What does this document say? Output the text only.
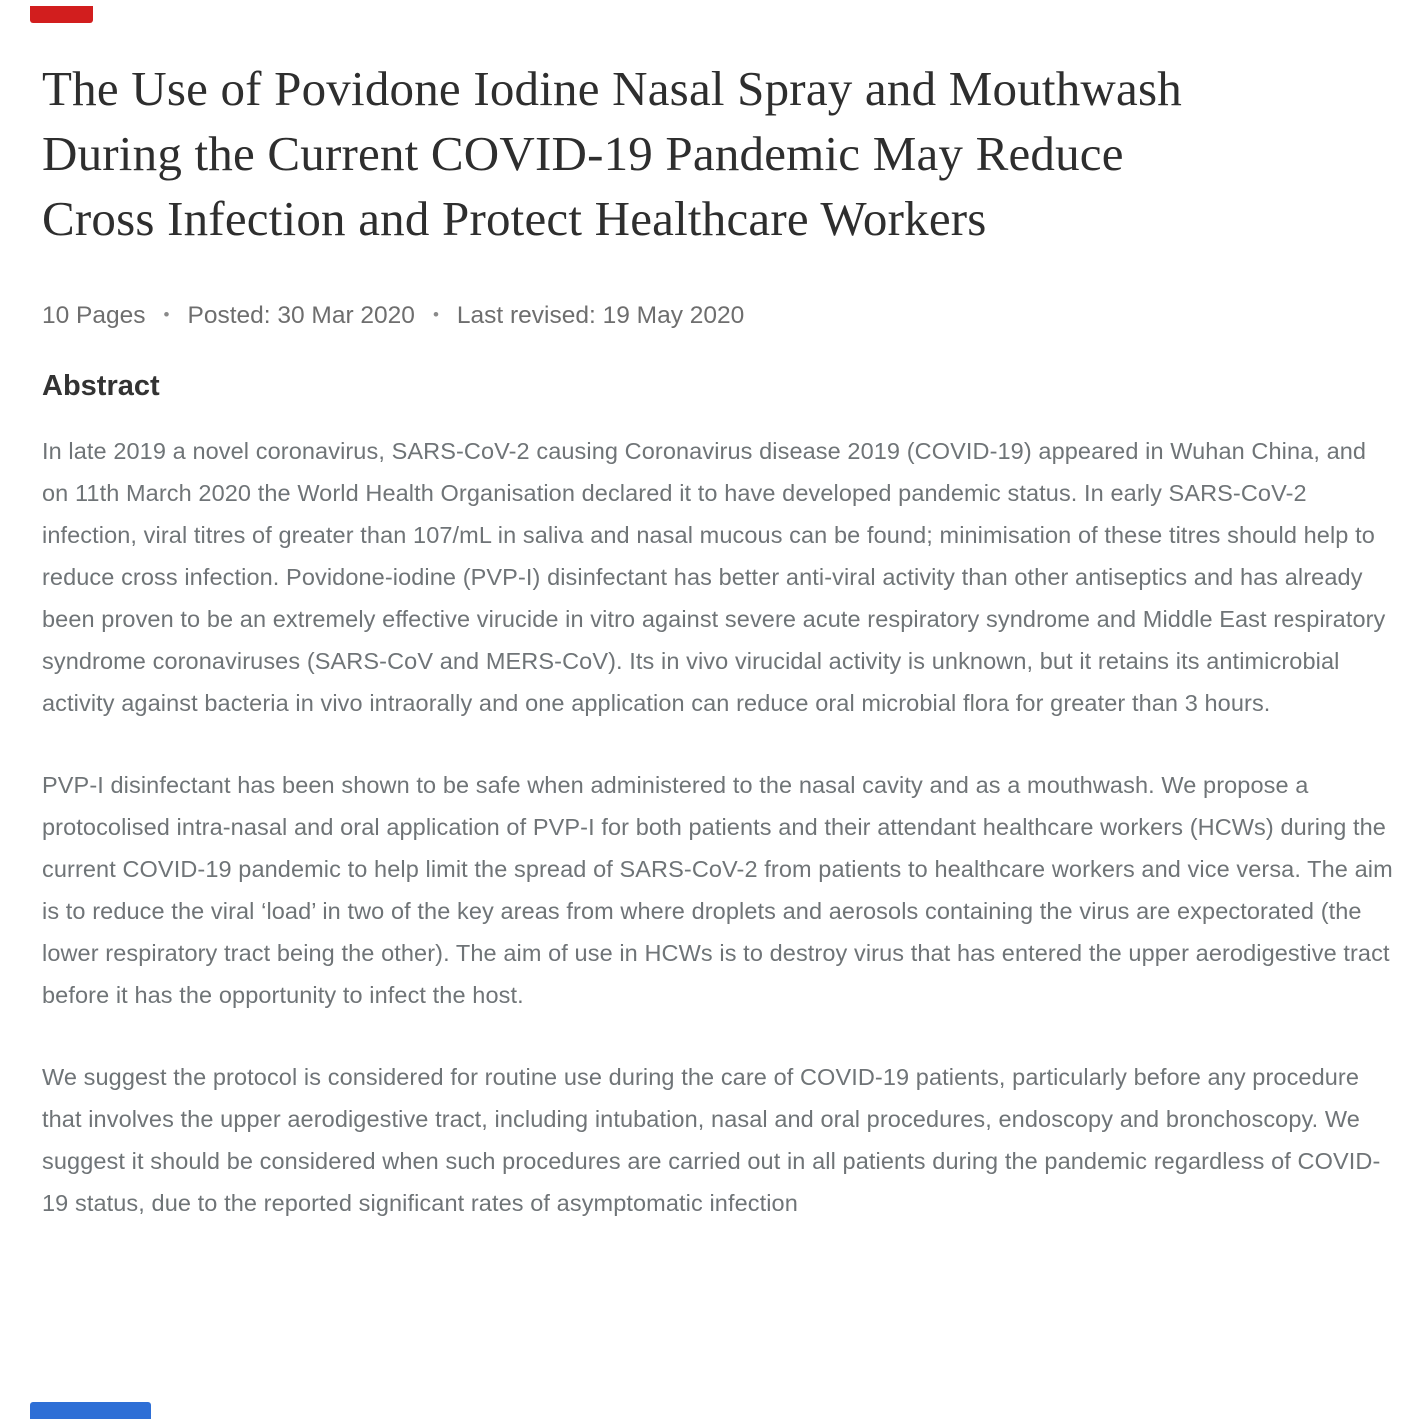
The Use of Povidone Iodine Nasal Spray and Mouthwash
During the Current COVID-19 Pandemic May Reduce
Cross Infection and Protect Healthcare Workers
10 Pages • Posted: 30 Mar 2020 • Last revised: 19 May 2020
Abstract

In late 2019 a novel coronavirus, SARS-CoV-2 causing Coronavirus disease 2019 (COVID-19) appeared in Wuhan China, and on 11th March 2020 the World Health Organisation declared it to have developed pandemic status. In early SARS-CoV-2 infection, viral titres of greater than 107/mL in saliva and nasal mucous can be found; minimisation of these titres should help to reduce cross infection. Povidone-iodine (PVP-I) disinfectant has better anti-viral activity than other antiseptics and has already been proven to be an extremely effective virucide in vitro against severe acute respiratory syndrome and Middle East respiratory syndrome coronaviruses (SARS-CoV and MERS-CoV). Its in vivo virucidal activity is unknown, but it retains its antimicrobial activity against bacteria in vivo intraorally and one application can reduce oral microbial flora for greater than 3 hours.

PVP-I disinfectant has been shown to be safe when administered to the nasal cavity and as a mouthwash. We propose a protocolised intra-nasal and oral application of PVP-I for both patients and their attendant healthcare workers (HCWs) during the current COVID-19 pandemic to help limit the spread of SARS-CoV-2 from patients to healthcare workers and vice versa. The aim is to reduce the viral ‘load’ in two of the key areas from where droplets and aerosols containing the virus are expectorated (the lower respiratory tract being the other). The aim of use in HCWs is to destroy virus that has entered the upper aerodigestive tract before it has the opportunity to infect the host.

We suggest the protocol is considered for routine use during the care of COVID-19 patients, particularly before any procedure that involves the upper aerodigestive tract, including intubation, nasal and oral procedures, endoscopy and bronchoscopy. We suggest it should be considered when such procedures are carried out in all patients during the pandemic regardless of COVID-19 status, due to the reported significant rates of asymptomatic infection
